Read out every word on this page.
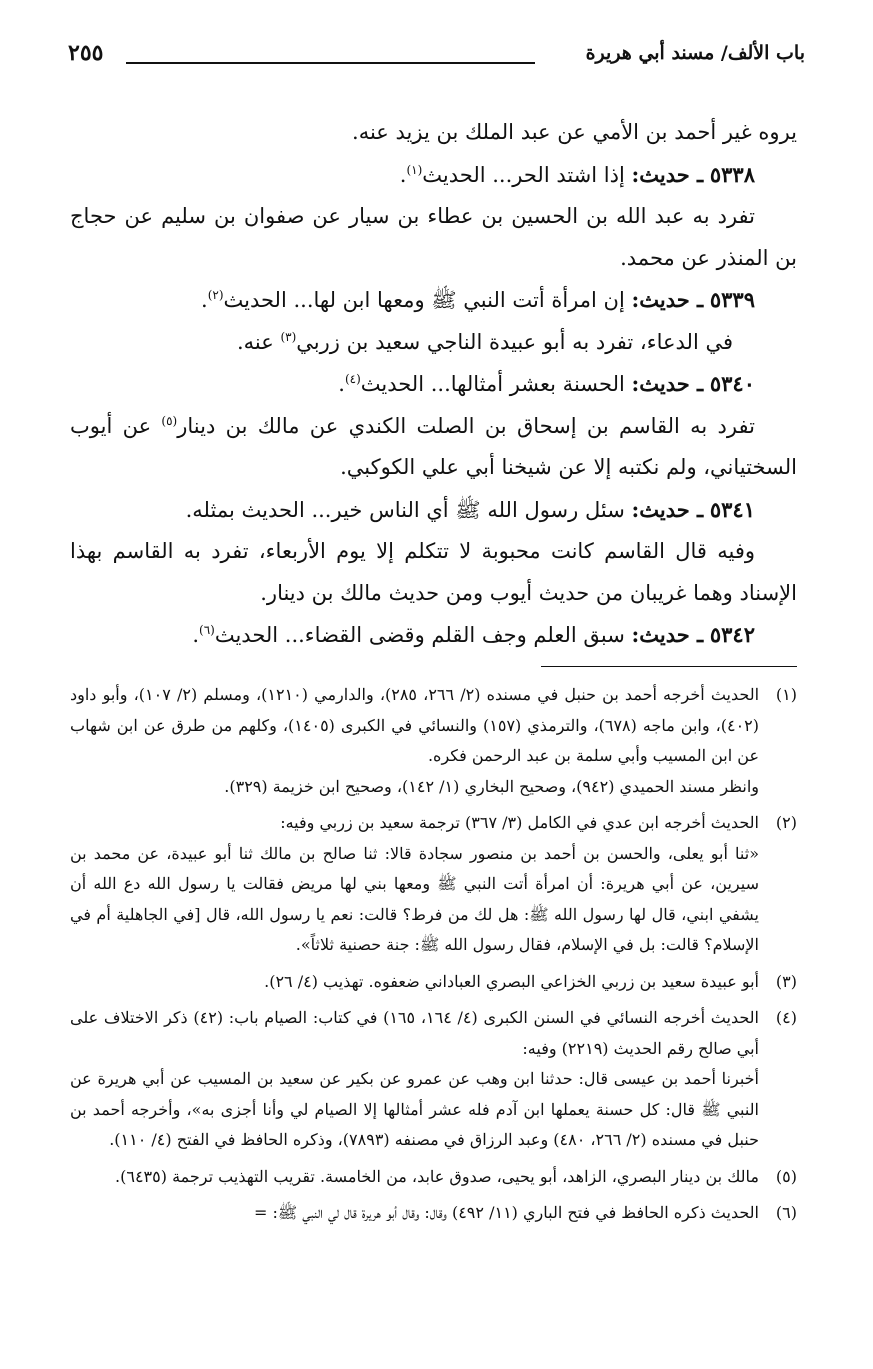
باب الألف/ مسند أبي هريرة
٢٥٥

يروه غير أحمد بن الأمي عن عبد الملك بن يزيد عنه.

٥٣٣٨ ـ حديث: إذا اشتد الحر... الحديث$^{(١)}$.

تفرد به عبد الله بن الحسين بن عطاء بن سيار عن صفوان بن سليم عن حجاج بن المنذر عن محمد.

٥٣٣٩ ـ حديث: إن امرأة أتت النبي ﷺ ومعها ابن لها... الحديث$^{(٢)}$.

في الدعاء، تفرد به أبو عبيدة الناجي سعيد بن زربي$^{(٣)}$ عنه.

٥٣٤٠ ـ حديث: الحسنة بعشر أمثالها... الحديث$^{(٤)}$.

تفرد به القاسم بن إسحاق بن الصلت الكندي عن مالك بن دينار$^{(٥)}$ عن أيوب السختياني، ولم نكتبه إلا عن شيخنا أبي علي الكوكبي.

٥٣٤١ ـ حديث: سئل رسول الله ﷺ أي الناس خير... الحديث بمثله.

وفيه قال القاسم كانت محبوبة لا تتكلم إلا يوم الأربعاء، تفرد به القاسم بهذا الإسناد وهما غريبان من حديث أيوب ومن حديث مالك بن دينار.

٥٣٤٢ ـ حديث: سبق العلم وجف القلم وقضى القضاء... الحديث$^{(٦)}$.

(١)

الحديث أخرجه أحمد بن حنبل في مسنده (٢/ ٢٦٦، ٢٨٥)، والدارمي (١٢١٠)، ومسلم (٢/ ١٠٧)، وأبو داود (٤٠٢)، وابن ماجه (٦٧٨)، والترمذي (١٥٧) والنسائي في الكبرى (١٤٠٥)، وكلهم من طرق عن ابن شهاب عن ابن المسيب وأبي سلمة بن عبد الرحمن فكره.

وانظر مسند الحميدي (٩٤٢)، وصحيح البخاري (١/ ١٤٢)، وصحيح ابن خزيمة (٣٢٩).

(٢)

الحديث أخرجه ابن عدي في الكامل (٣/ ٣٦٧) ترجمة سعيد بن زربي وفيه:

«ثنا أبو يعلى، والحسن بن أحمد بن منصور سجادة قالا: ثنا صالح بن مالك ثنا أبو عبيدة، عن محمد بن سيرين، عن أبي هريرة: أن امرأة أتت النبي ﷺ ومعها بني لها مريض فقالت يا رسول الله دع الله أن يشفي ابني، قال لها رسول الله ﷺ: هل لك من فرط؟ قالت: نعم يا رسول الله، قال [في الجاهلية أم في الإسلام؟ قالت: بل في الإسلام، فقال رسول الله ﷺ: جنة حصنية ثلاثاً».

(٣)

أبو عبيدة سعيد بن زربي الخزاعي البصري العباداني ضعفوه. تهذيب (٤/ ٢٦).

(٤)

الحديث أخرجه النسائي في السنن الكبرى (٤/ ١٦٤، ١٦٥) في كتاب: الصيام باب: (٤٢) ذكر الاختلاف على أبي صالح رقم الحديث (٢٢١٩) وفيه:

أخبرنا أحمد بن عيسى قال: حدثنا ابن وهب عن عمرو عن بكير عن سعيد بن المسيب عن أبي هريرة عن النبي ﷺ قال: كل حسنة يعملها ابن آدم فله عشر أمثالها إلا الصيام لي وأنا أجزى به»، وأخرجه أحمد بن حنبل في مسنده (٢/ ٢٦٦، ٤٨٠) وعبد الرزاق في مصنفه (٧٨٩٣)، وذكره الحافظ في الفتح (٤/ ١١٠).

(٥)

مالك بن دينار البصري، الزاهد، أبو يحيى، صدوق عابد، من الخامسة. تقريب التهذيب ترجمة (٦٤٣٥).

(٦)

الحديث ذكره الحافظ في فتح الباري (١١/ ٤٩٢) وقال: وقال أبو هريرة قال لي النبي ﷺ: =
